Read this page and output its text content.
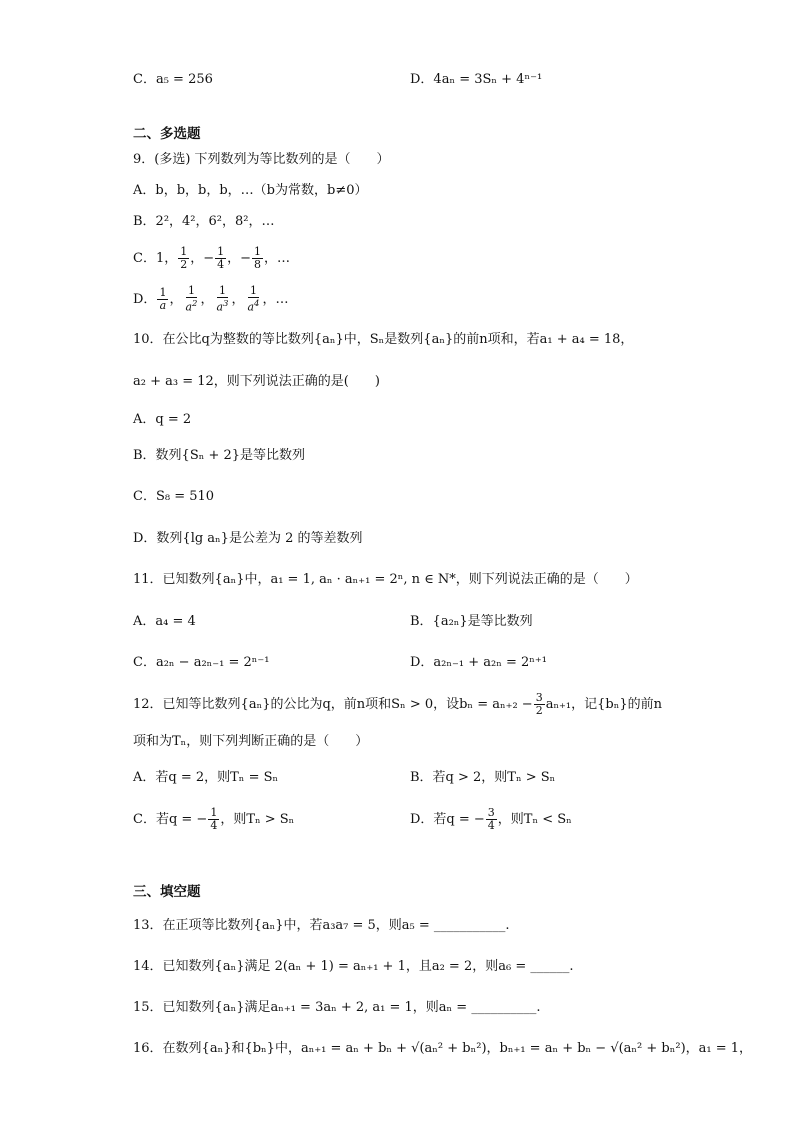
C．a₅ = 256	D．4aₙ = 3Sₙ + 4ⁿ⁻¹
二、多选题
9．(多选) 下列数列为等比数列的是（　　）
A．b，b，b，b，…（b为常数，b≠0）
B．2²，4²，6²，8²，…
C．1， $\frac{1}{2}$ ，− $\frac{1}{4}$ ，− $\frac{1}{8}$ ，…
D． $\frac{1}{a}$ ， $\frac{1}{a^2}$ ， $\frac{1}{a^3}$ ， $\frac{1}{a^4}$ ，…
10．在公比q为整数的等比数列{aₙ}中，Sₙ是数列{aₙ}的前n项和，若a₁ + a₄ = 18，
a₂ + a₃ = 12，则下列说法正确的是(　　)
A．q = 2
B．数列{Sₙ + 2}是等比数列
C．S₈ = 510
D．数列{lg aₙ}是公差为 2 的等差数列
11．已知数列{aₙ}中，a₁ = 1, aₙ · aₙ₊₁ = 2ⁿ, n ∈ N*，则下列说法正确的是（　　）
A．a₄ = 4	B．{a₂ₙ}是等比数列
C．a₂ₙ − a₂ₙ₋₁ = 2ⁿ⁻¹	D．a₂ₙ₋₁ + a₂ₙ = 2ⁿ⁺¹
12．已知等比数列{aₙ}的公比为q，前n项和Sₙ > 0，设$b_n = a_{n+2} - \frac{3}{2} a_{n+1}$，记{bₙ}的前n
项和为Tₙ，则下列判断正确的是（　　）
A．若q = 2，则Tₙ = Sₙ	B．若q > 2，则Tₙ > Sₙ
C．若q = − $\frac{1}{4}$ ，则Tₙ > Sₙ	D．若q = − $\frac{3}{4}$ ，则Tₙ < Sₙ
三、填空题
13．在正项等比数列{aₙ}中，若a₃a₇ = 5，则a₅ = ___________.
14．已知数列{aₙ}满足 2(aₙ + 1) = aₙ₊₁ + 1，且a₂ = 2，则a₆ = ______.
15．已知数列{aₙ}满足aₙ₊₁ = 3aₙ + 2, a₁ = 1，则aₙ = __________.
16．在数列{aₙ}和{bₙ}中，aₙ₊₁ = aₙ + bₙ + √(aₙ² + bₙ²)，bₙ₊₁ = aₙ + bₙ − √(aₙ² + bₙ²)，a₁ = 1，
